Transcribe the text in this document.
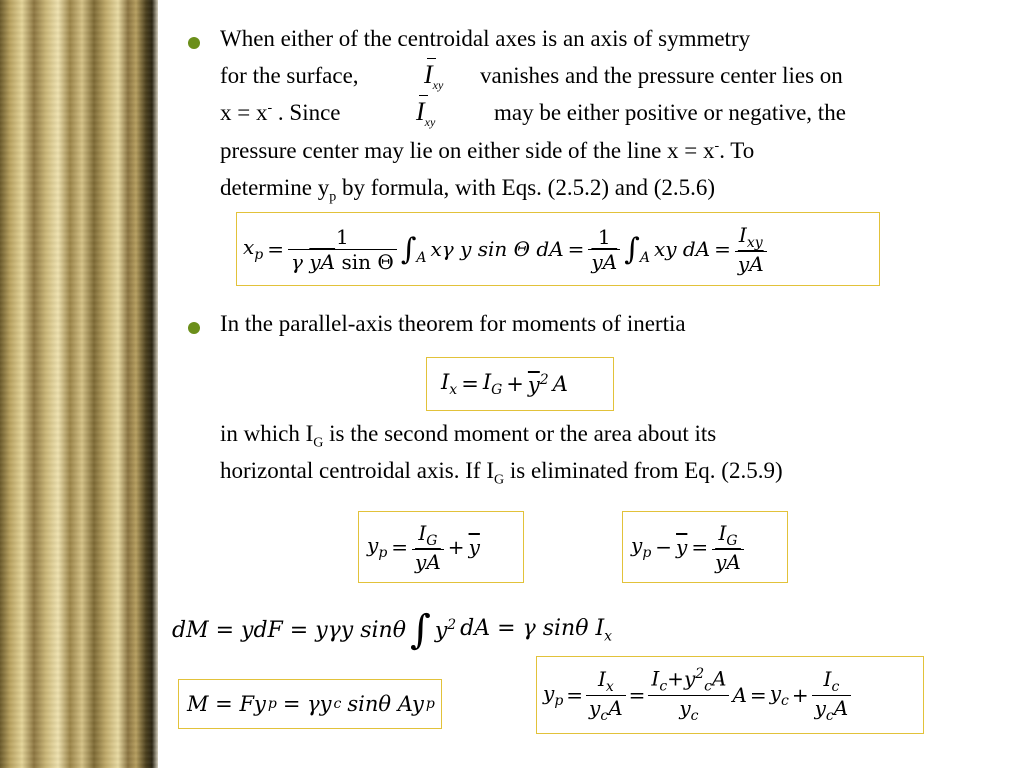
When either of the centroidal axes is an axis of symmetry
for the surface,	$I_{xy}$ vanishes and the pressure center lies on
x = x- . Since	$I_{xy}$	may be either positive or negative, the
pressure center may lie on either side of the line x = x-. To
determine $y_p$ by formula, with Eqs. (2.5.2) and (2.5.6)
$x_p = \frac{1}{\gamma \overline{yA} \sin \Theta} \int_A$ xγ y sin Θ dA = $\frac{1}{yA} \int_A$ xy dA = $\frac{I_{xy}}{yA}$
In the parallel-axis theorem for moments of inertia
$I_x = I_G + \overline{y}^2$ A
in which $I_G$ is the second moment or the area about its
horizontal centroidal axis. If $I_G$ is eliminated from Eq. (2.5.9)
$y_p = \frac{I_G}{yA} + \overline{y}$	$y_p - \overline{y} = \frac{I_G}{yA}$
dM = ydF = yγy sinθ ∫ $y^2$ dA = γ sinθ $I_x$
M = Fy p = γy c sinθ Ay p	$y_p = \frac{I_x}{y_cA} = \frac{I_c+y^2_cA}{y_c}$ $A = y_c + \frac{I_c}{y_cA}$
